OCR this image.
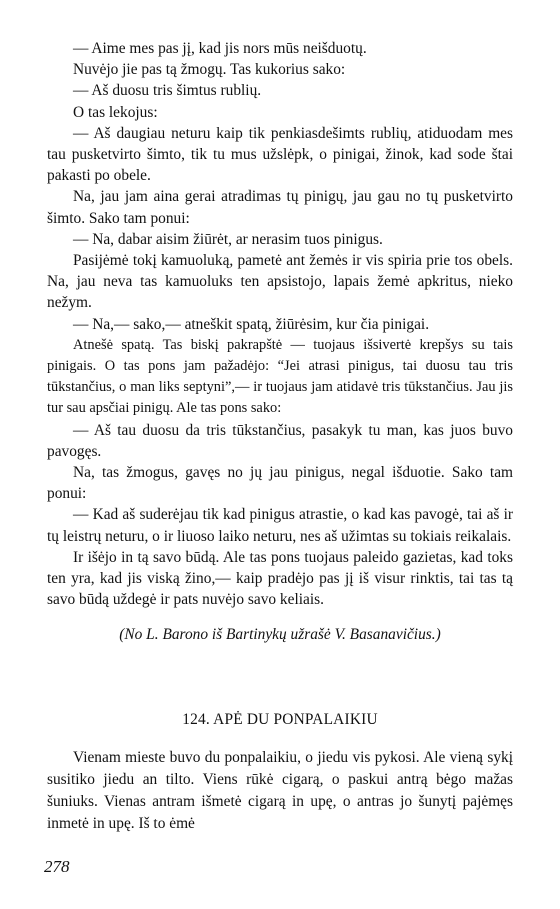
— Aime mes pas jį, kad jis nors mūs neišduotų.

Nuvėjo jie pas tą žmogų. Tas kukorius sako:

— Aš duosu tris šimtus rublių.

O tas lekojus:

— Aš daugiau neturu kaip tik penkiasdešimts rublių, atiduodam mes tau pusketvirto šimto, tik tu mus užslėpk, o pinigai, žinok, kad sode štai pakasti po obele.

Na, jau jam aina gerai atradimas tų pinigų, jau gau no tų pusketvirto šimto. Sako tam ponui:

— Na, dabar aisim žiūrėt, ar nerasim tuos pinigus.

Pasijėmė tokį kamuoluką, pametė ant žemės ir vis spiria prie tos obels. Na, jau neva tas kamuoluks ten apsistojo, lapais žemė apkritus, nieko nežym.

— Na,— sako,— atneškit spatą, žiūrėsim, kur čia pinigai.

Atnešė spatą. Tas biskį pakrapštė — tuojaus išsivertė krepšys su tais pinigais. O tas pons jam pažadėjo: “Jei atrasi pinigus, tai duosu tau tris tūkstančius, o man liks septyni”,— ir tuojaus jam atidavė tris tūkstančius. Jau jis tur sau apsčiai pinigų. Ale tas pons sako:

— Aš tau duosu da tris tūkstančius, pasakyk tu man, kas juos buvo pavogęs.

Na, tas žmogus, gavęs no jų jau pinigus, negal išduotie. Sako tam ponui:

— Kad aš suderėjau tik kad pinigus atrastie, o kad kas pavogė, tai aš ir tų leistrų neturu, o ir liuoso laiko neturu, nes aš užimtas su tokiais reikalais.

Ir išėjo in tą savo būdą. Ale tas pons tuojaus paleido gazietas, kad toks ten yra, kad jis viską žino,— kaip pradėjo pas jį iš visur rinktis, tai tas tą savo būdą uždegė ir pats nuvėjo savo keliais.

(No L. Barono iš Bartinykų užrašė V. Basanavičius.)
124. APĖ DU PONPALAIKIU

Vienam mieste buvo du ponpalaikiu, o jiedu vis pykosi. Ale vieną sykį susitiko jiedu an tilto. Viens rūkė cigarą, o paskui antrą bėgo mažas šuniuks. Vienas antram išmetė cigarą in upę, o antras jo šunytį pajėmęs inmetė in upę. Iš to ėmė

278
